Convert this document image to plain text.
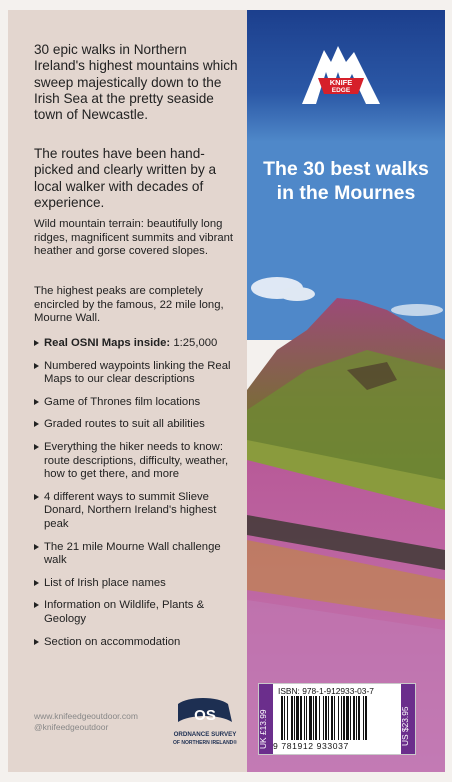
30 epic walks in Northern Ireland's highest mountains which sweep majestically down to the Irish Sea at the pretty seaside town of Newcastle.

The routes have been hand-picked and clearly written by a local walker with decades of experience.

Wild mountain terrain: beautifully long ridges, magnificent summits and vibrant heather and gorse covered slopes.

The highest peaks are completely encircled by the famous, 22 mile long, Mourne Wall.

Real OSNI Maps inside: 1:25,000
Numbered waypoints linking the Real Maps to our clear descriptions
Game of Thrones film locations
Graded routes to suit all abilities
Everything the hiker needs to know: route descriptions, difficulty, weather, how to get there, and more
4 different ways to summit Slieve Donard, Northern Ireland's highest peak
The 21 mile Mourne Wall challenge walk
List of Irish place names
Information on Wildlife, Plants & Geology
Section on accommodation
www.knifeedgeoutdoor.com
@knifeedgeoutdoor
OS
ORDNANCE SURVEY
OF NORTHERN IRELAND®
KNIFE
EDGE

The 30 best walks in the Mournes

UK £13.99	US $23.95
ISBN: 978-1-912933-03-7
9 781912 933037
